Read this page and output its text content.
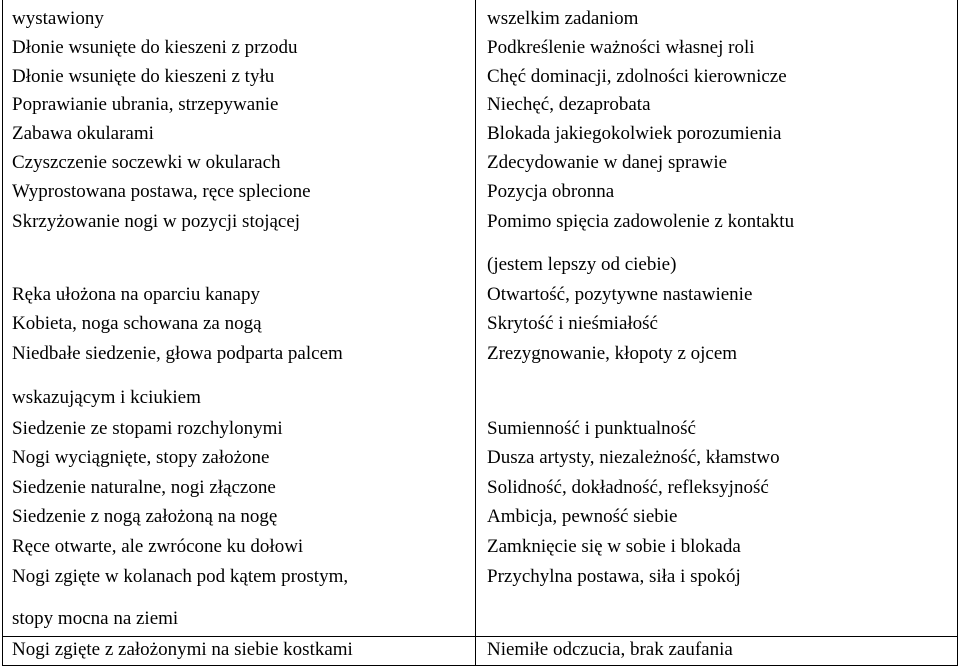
wystawiony	wszelkim zadaniom
Dłonie wsunięte do kieszeni z przodu	Podkreślenie ważności własnej roli
Dłonie wsunięte do kieszeni z tyłu	Chęć dominacji, zdolności kierownicze
Poprawianie ubrania, strzepywanie	Niechęć, dezaprobata
Zabawa okularami	Blokada jakiegokolwiek porozumienia
Czyszczenie soczewki w okularach	Zdecydowanie w danej sprawie
Wyprostowana postawa, ręce splecione	Pozycja obronna
Skrzyżowanie nogi w pozycji stojącej	Pomimo spięcia zadowolenie z kontaktu
(jestem lepszy od ciebie)
Ręka ułożona na oparciu kanapy	Otwartość, pozytywne nastawienie
Kobieta, noga schowana za nogą	Skrytość i nieśmiałość
Niedbałe siedzenie, głowa podparta palcem	Zrezygnowanie, kłopoty z ojcem
wskazującym i kciukiem
Siedzenie ze stopami rozchylonymi	Sumienność i punktualność
Nogi wyciągnięte, stopy założone	Dusza artysty, niezależność, kłamstwo
Siedzenie naturalne, nogi złączone	Solidność, dokładność, refleksyjność
Siedzenie z nogą założoną na nogę	Ambicja, pewność siebie
Ręce otwarte, ale zwrócone ku dołowi	Zamknięcie się w sobie i blokada
Nogi zgięte w kolanach pod kątem prostym,	Przychylna postawa, siła i spokój
stopy mocna na ziemi
Nogi zgięte z założonymi na siebie kostkami	Niemiłe odczucia, brak zaufania
